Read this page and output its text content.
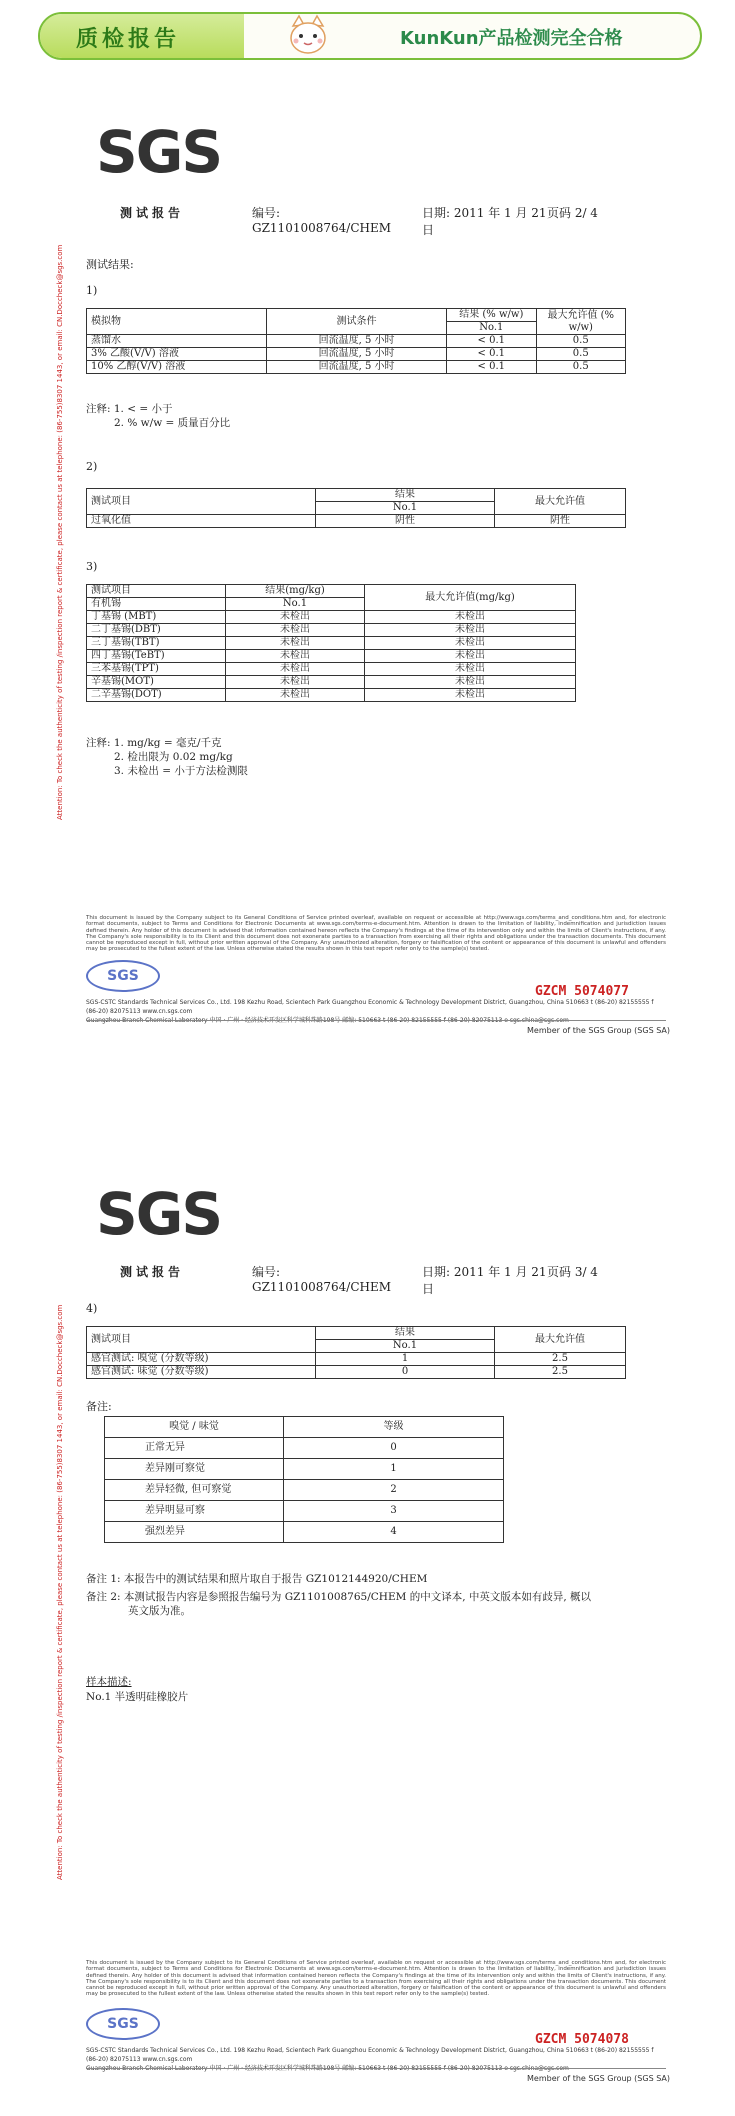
质检报告	KunKun产品检测完全合格
SGS
测试报告	编号: GZ1101008764/CHEM
日期: 2011 年 1 月 21 日
页码 2/ 4
Attention: To check the authenticity of testing /inspection report & certificate, please contact us at telephone: (86-755)8307 1443, or email: CN.Doccheck@sgs.com 测试结果:
1)
模拟物	测试条件	结果 (% w/w)	最大允许值 (% w/w)
		No.1	
蒸馏水	回流温度, 5 小时	< 0.1	0.5
3% 乙酸(V/V) 溶液	回流温度, 5 小时	< 0.1	0.5
10% 乙醇(V/V) 溶液	回流温度, 5 小时	< 0.1	0.5
注释: 1. < = 小于
2. % w/w = 质量百分比
2)
测试项目	结果	最大允许值
	No.1	
过氧化值	阴性	阴性
3)
测试项目	结果(mg/kg)	最大允许值(mg/kg)
有机锡	No.1	
丁基锡 (MBT)	未检出	未检出
二丁基锡(DBT)	未检出	未检出
三丁基锡(TBT)	未检出	未检出
四丁基锡(TeBT)	未检出	未检出
三苯基锡(TPT)	未检出	未检出
辛基锡(MOT)	未检出	未检出
二辛基锡(DOT)	未检出	未检出
注释: 1. mg/kg = 毫克/千克
2. 检出限为 0.02 mg/kg
3. 未检出 = 小于方法检测限
This document is issued by the Company subject to its General Conditions of Service printed overleaf, available on request or accessible at http://www.sgs.com/terms_and_conditions.htm and, for electronic format documents, subject to Terms and Conditions for Electronic Documents at www.sgs.com/terms-e-document.htm. Attention is drawn to the limitation of liability, indemnification and jurisdiction issues defined therein. Any holder of this document is advised that information contained hereon reflects the Company's findings at the time of its intervention only and within the limits of Client's instructions, if any. The Company's sole responsibility is to its Client and this document does not exonerate parties to a transaction from exercising all their rights and obligations under the transaction documents. This document cannot be reproduced except in full, without prior written approval of the Company. Any unauthorized alteration, forgery or falsification of the content or appearance of this document is unlawful and offenders may be prosecuted to the fullest extent of the law. Unless otherwise stated the results shown in this test report refer only to the sample(s) tested.
SGS
GZCM 5074077
SGS-CSTC Standards Technical Services Co., Ltd. 198 Kezhu Road, Scientech Park Guangzhou Economic & Technology Development District, Guangzhou, China 510663 t (86-20) 82155555 f (86-20) 82075113 www.cn.sgs.com
Guangzhou Branch Chemical Laboratory 中国 · 广州 · 经济技术开发区科学城科珠路198号 邮编: 510663 t (86-20) 82155555 f (86-20) 82075113 e sgs.china@sgs.com
Member of the SGS Group (SGS SA)
SGS
测试报告	编号: GZ1101008764/CHEM
日期: 2011 年 1 月 21 日
页码 3/ 4
Attention: To check the authenticity of testing /inspection report & certificate, please contact us at telephone: (86-755)8307 1443, or email: CN.Doccheck@sgs.com 4)
测试项目	结果	最大允许值
	No.1	
感官测试: 嗅觉 (分数等级)	1	2.5
感官测试: 味觉 (分数等级)	0	2.5
备注:
嗅觉 / 味觉	等级
正常无异	0
差异刚可察觉	1
差异轻微, 但可察觉	2
差异明显可察	3
强烈差异	4
备注 1: 本报告中的测试结果和照片取自于报告 GZ1012144920/CHEM
备注 2: 本测试报告内容是参照报告编号为 GZ1101008765/CHEM 的中文译本, 中英文版本如有歧异, 概以
英文版为准。
样本描述:
No.1 半透明硅橡胶片
This document is issued by the Company subject to its General Conditions of Service printed overleaf, available on request or accessible at http://www.sgs.com/terms_and_conditions.htm and, for electronic format documents, subject to Terms and Conditions for Electronic Documents at www.sgs.com/terms-e-document.htm. Attention is drawn to the limitation of liability, indemnification and jurisdiction issues defined therein. Any holder of this document is advised that information contained hereon reflects the Company's findings at the time of its intervention only and within the limits of Client's instructions, if any. The Company's sole responsibility is to its Client and this document does not exonerate parties to a transaction from exercising all their rights and obligations under the transaction documents. This document cannot be reproduced except in full, without prior written approval of the Company. Any unauthorized alteration, forgery or falsification of the content or appearance of this document is unlawful and offenders may be prosecuted to the fullest extent of the law. Unless otherwise stated the results shown in this test report refer only to the sample(s) tested.
SGS
GZCM 5074078
SGS-CSTC Standards Technical Services Co., Ltd. 198 Kezhu Road, Scientech Park Guangzhou Economic & Technology Development District, Guangzhou, China 510663 t (86-20) 82155555 f (86-20) 82075113 www.cn.sgs.com
Guangzhou Branch Chemical Laboratory 中国 · 广州 · 经济技术开发区科学城科珠路198号 邮编: 510663 t (86-20) 82155555 f (86-20) 82075113 e sgs.china@sgs.com
Member of the SGS Group (SGS SA)
